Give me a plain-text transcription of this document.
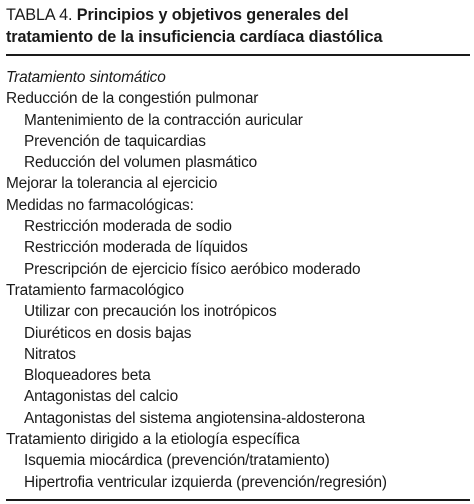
TABLA 4. Principios y objetivos generales del
tratamiento de la insuficiencia cardíaca diastólica
Tratamiento sintomático
Reducción de la congestión pulmonar
Mantenimiento de la contracción auricular
Prevención de taquicardias
Reducción del volumen plasmático
Mejorar la tolerancia al ejercicio
Medidas no farmacológicas:
Restricción moderada de sodio
Restricción moderada de líquidos
Prescripción de ejercicio físico aeróbico moderado
Tratamiento farmacológico
Utilizar con precaución los inotrópicos
Diuréticos en dosis bajas
Nitratos
Bloqueadores beta
Antagonistas del calcio
Antagonistas del sistema angiotensina-aldosterona
Tratamiento dirigido a la etiología específica
Isquemia miocárdica (prevención/tratamiento)
Hipertrofia ventricular izquierda (prevención/regresión)
